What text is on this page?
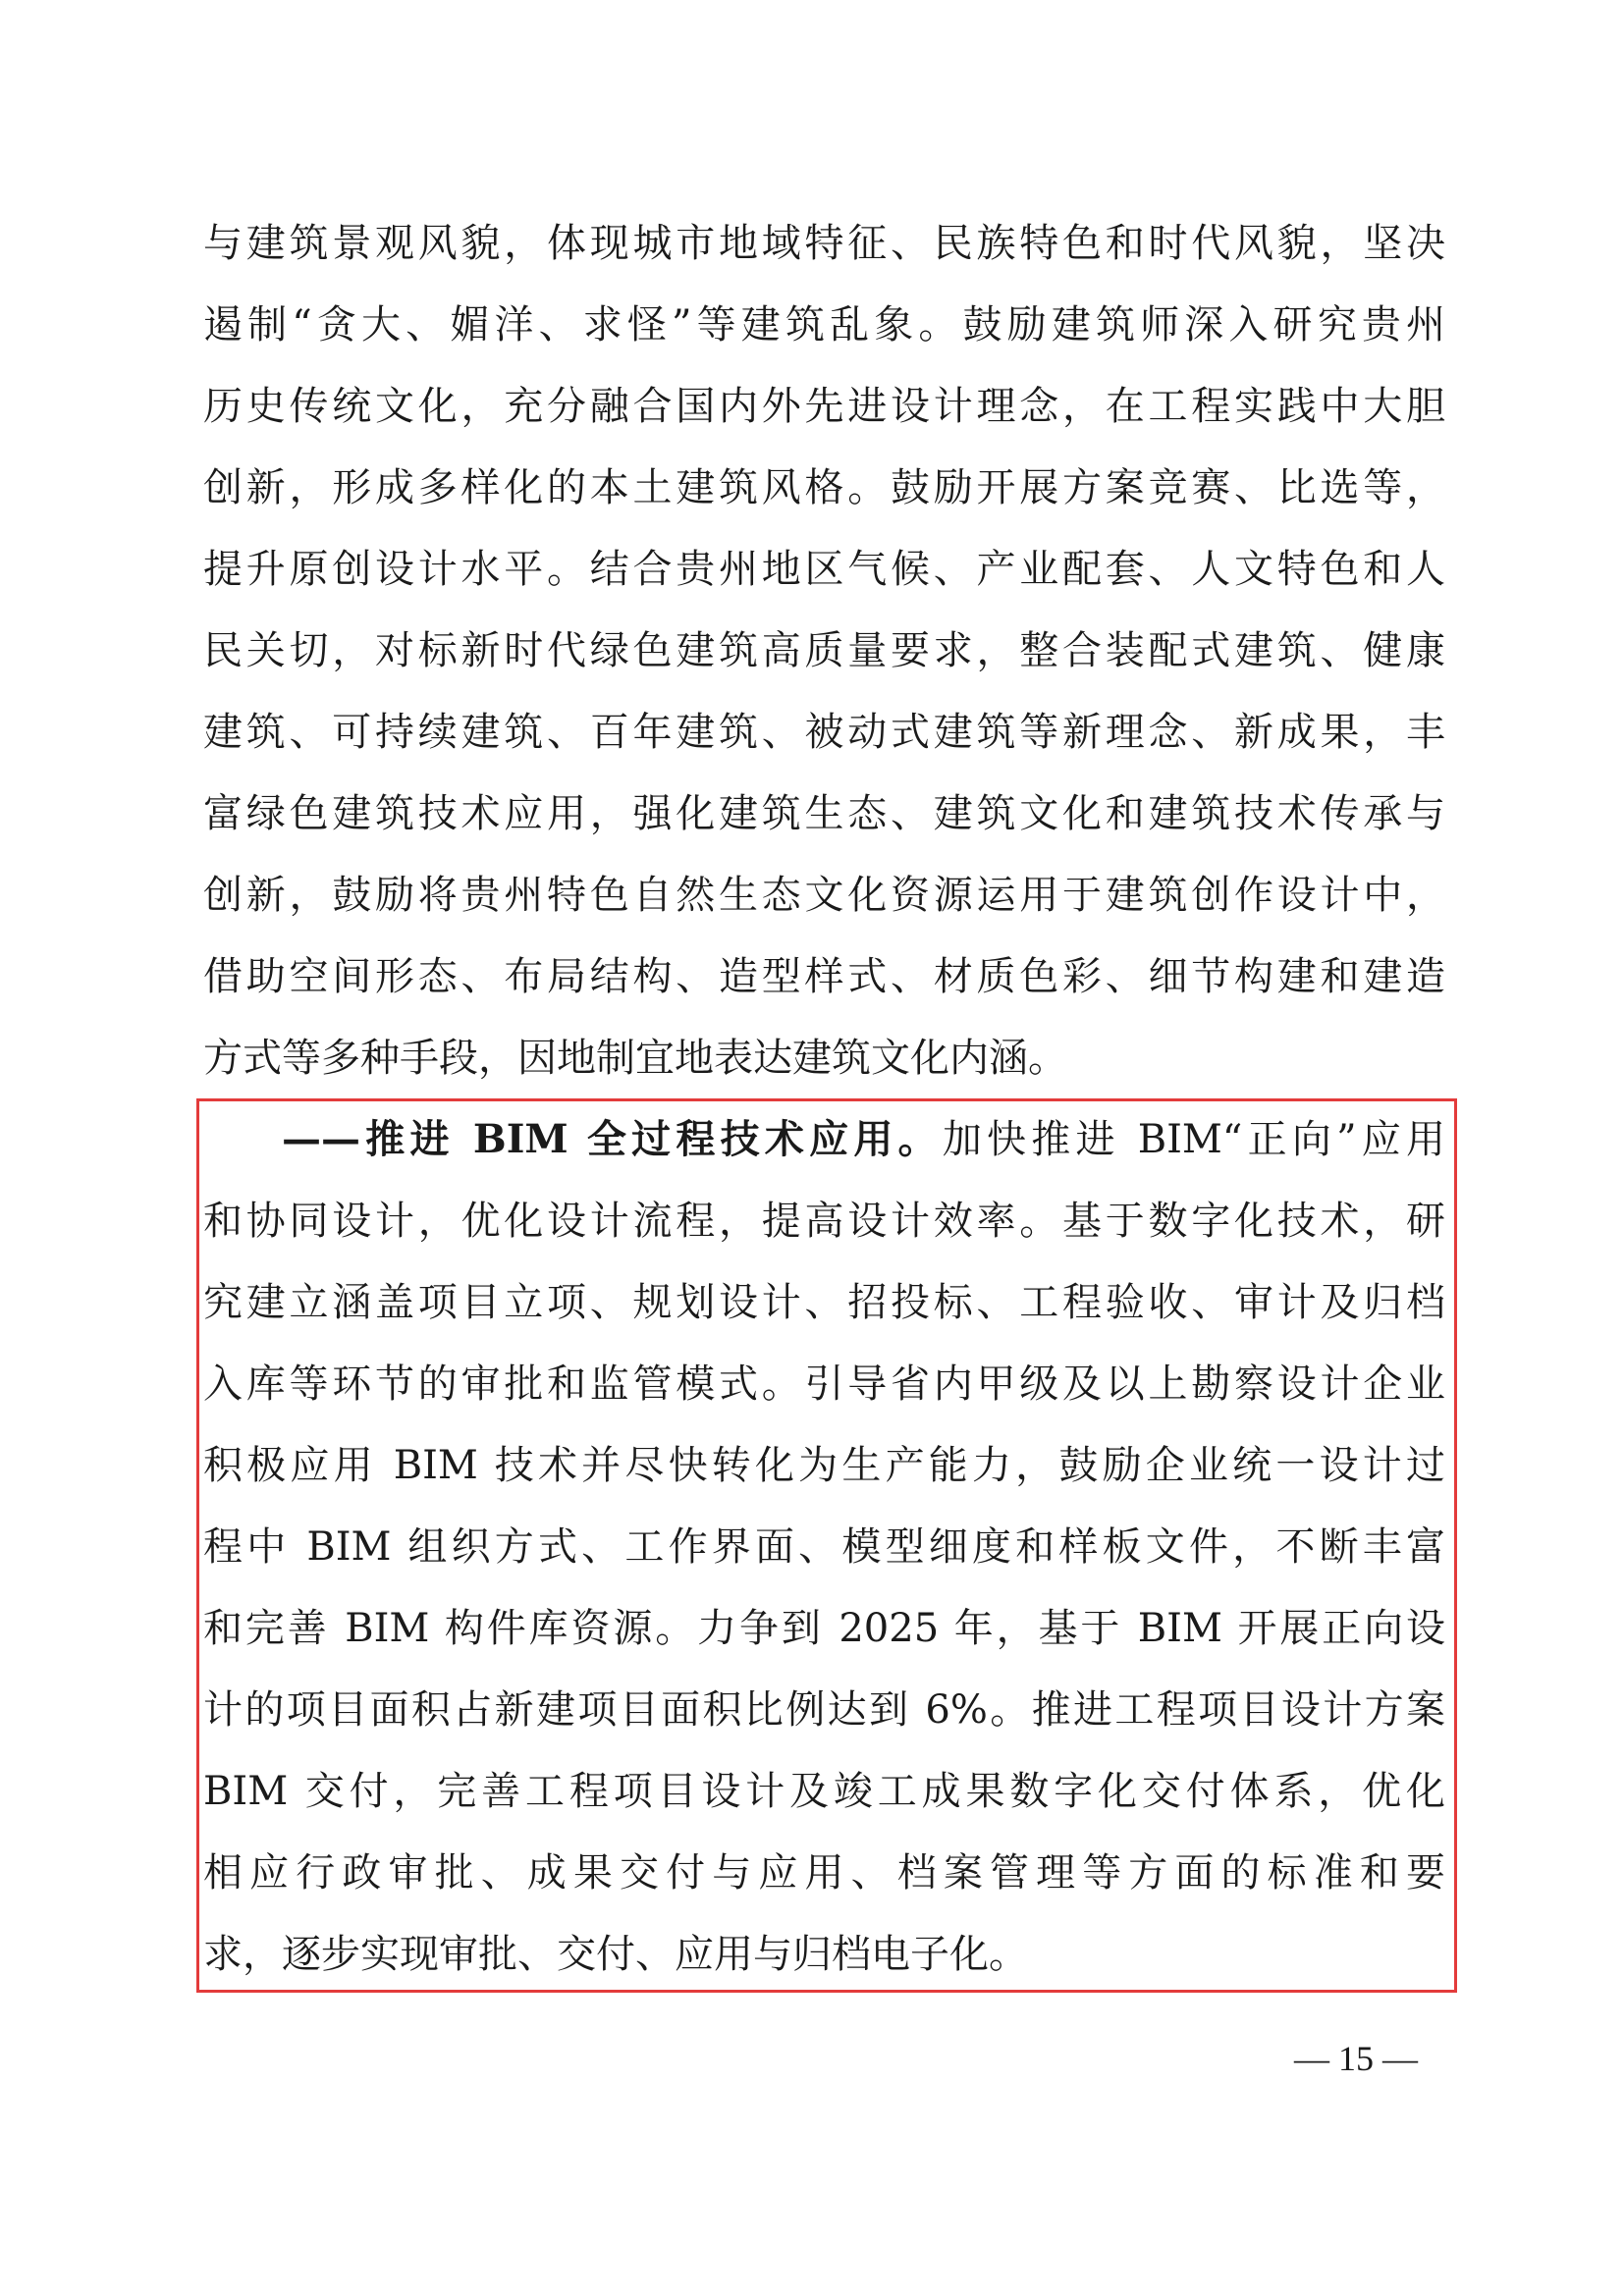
与建筑景观风貌，体现城市地域特征、民族特色和时代风貌，坚决
遏制“贪大、媚洋、求怪”等建筑乱象。鼓励建筑师深入研究贵州
历史传统文化，充分融合国内外先进设计理念，在工程实践中大胆
创新，形成多样化的本土建筑风格。鼓励开展方案竞赛、比选等，
提升原创设计水平。结合贵州地区气候、产业配套、人文特色和人
民关切，对标新时代绿色建筑高质量要求，整合装配式建筑、健康
建筑、可持续建筑、百年建筑、被动式建筑等新理念、新成果，丰
富绿色建筑技术应用，强化建筑生态、建筑文化和建筑技术传承与
创新，鼓励将贵州特色自然生态文化资源运用于建筑创作设计中，
借助空间形态、布局结构、造型样式、材质色彩、细节构建和建造
方式等多种手段，因地制宜地表达建筑文化内涵。
——推进 BIM 全过程技术应用。加快推进 BIM“正向”应用
和协同设计，优化设计流程，提高设计效率。基于数字化技术，研
究建立涵盖项目立项、规划设计、招投标、工程验收、审计及归档
入库等环节的审批和监管模式。引导省内甲级及以上勘察设计企业
积极应用 BIM 技术并尽快转化为生产能力，鼓励企业统一设计过
程中 BIM 组织方式、工作界面、模型细度和样板文件，不断丰富
和完善 BIM 构件库资源。力争到 2025 年，基于 BIM 开展正向设
计的项目面积占新建项目面积比例达到 6%。推进工程项目设计方案
BIM 交付，完善工程项目设计及竣工成果数字化交付体系，优化
相应行政审批、成果交付与应用、档案管理等方面的标准和要
求，逐步实现审批、交付、应用与归档电子化。
— 15 —
